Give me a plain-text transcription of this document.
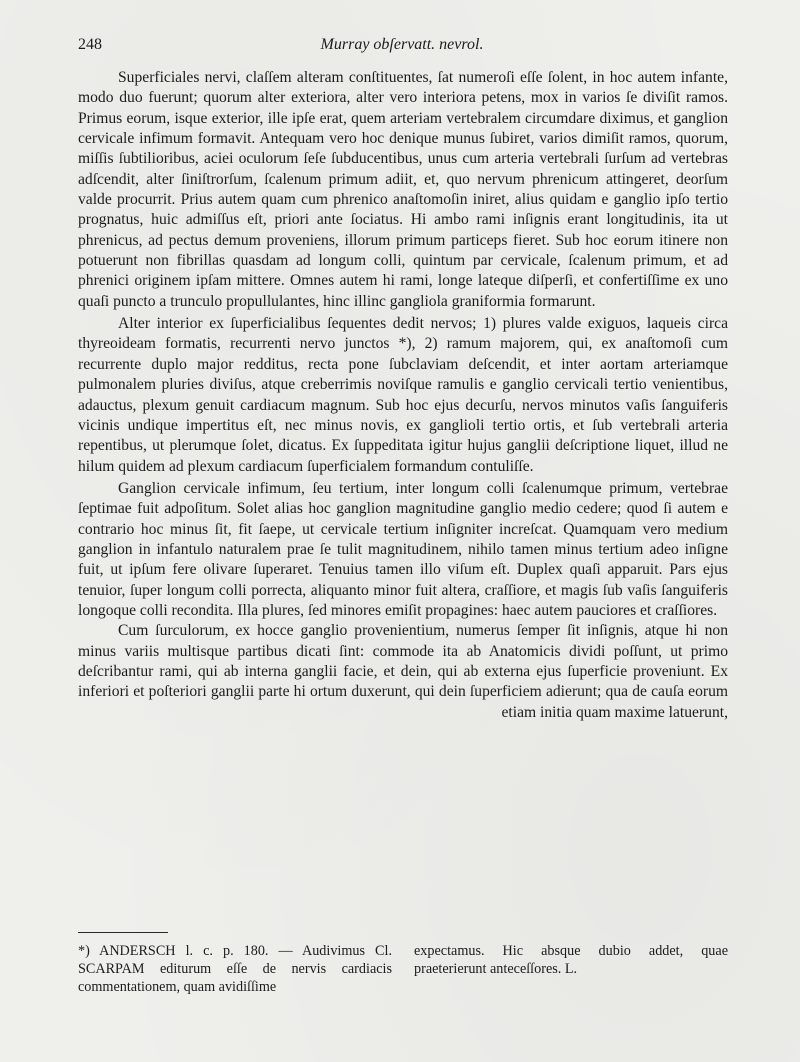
248	Murray obſervatt. nevrol.

Superficiales nervi, claſſem alteram conſtituentes, ſat numeroſi eſſe ſolent, in hoc autem infante, modo duo fuerunt; quorum alter exteriora, alter vero interiora petens, mox in varios ſe diviſit ramos. Primus eorum, isque exterior, ille ipſe erat, quem arteriam vertebralem circumdare diximus, et ganglion cervicale infimum formavit. Antequam vero hoc denique munus ſubiret, varios dimiſit ramos, quorum, miſſis ſubtilioribus, aciei oculorum ſeſe ſubducentibus, unus cum arteria vertebrali ſurſum ad vertebras adſcendit, alter ſiniſtrorſum, ſcalenum primum adiit, et, quo nervum phrenicum attingeret, deorſum valde procurrit. Prius autem quam cum phrenico anaſtomoſin iniret, alius quidam e ganglio ipſo tertio prognatus, huic admiſſus eſt, priori ante ſociatus. Hi ambo rami inſignis erant longitudinis, ita ut phrenicus, ad pectus demum proveniens, illorum primum particeps fieret. Sub hoc eorum itinere non potuerunt non fibrillas quasdam ad longum colli, quintum par cervicale, ſcalenum primum, et ad phrenici originem ipſam mittere. Omnes autem hi rami, longe lateque diſperſi, et confertiſſime ex uno quaſi puncto a trunculo propullulantes, hinc illinc gangliola graniformia formarunt.

Alter interior ex ſuperficialibus ſequentes dedit nervos; 1) plures valde exiguos, laqueis circa thyreoideam formatis, recurrenti nervo junctos *), 2) ramum majorem, qui, ex anaſtomoſi cum recurrente duplo major redditus, recta pone ſubclaviam deſcendit, et inter aortam arteriamque pulmonalem pluries diviſus, atque creberrimis noviſque ramulis e ganglio cervicali tertio venientibus, adauctus, plexum genuit cardiacum magnum. Sub hoc ejus decurſu, nervos minutos vaſis ſanguiferis vicinis undique impertitus eſt, nec minus novis, ex ganglioli tertio ortis, et ſub vertebrali arteria repentibus, ut plerumque ſolet, dicatus. Ex ſuppeditata igitur hujus ganglii deſcriptione liquet, illud ne hilum quidem ad plexum cardiacum ſuperficialem formandum contuliſſe.

Ganglion cervicale infimum, ſeu tertium, inter longum colli ſcalenumque primum, vertebrae ſeptimae fuit adpoſitum. Solet alias hoc ganglion magnitudine ganglio medio cedere; quod ſi autem e contrario hoc minus ſit, fit ſaepe, ut cervicale tertium inſigniter increſcat. Quamquam vero medium ganglion in infantulo naturalem prae ſe tulit magnitudinem, nihilo tamen minus tertium adeo inſigne fuit, ut ipſum fere olivare ſuperaret. Tenuius tamen illo viſum eſt. Duplex quaſi apparuit. Pars ejus tenuior, ſuper longum colli porrecta, aliquanto minor fuit altera, craſſiore, et magis ſub vaſis ſanguiferis longoque colli recondita. Illa plures, ſed minores emiſit propagines: haec autem pauciores et craſſiores.

Cum ſurculorum, ex hocce ganglio provenientium, numerus ſemper ſit inſignis, atque hi non minus variis multisque partibus dicati ſint: commode ita ab Anatomicis dividi poſſunt, ut primo deſcribantur rami, qui ab interna ganglii facie, et dein, qui ab externa ejus ſuperficie proveniunt. Ex inferiori et poſteriori ganglii parte hi ortum duxerunt, qui dein ſuperficiem adierunt; qua de cauſa eorum etiam initia quam maxime latuerunt,

*) ANDERSCH l. c. p. 180. — Audivimus Cl. SCARPAM editurum eſſe de nervis cardiacis commentationem, quam avidiſſime
expectamus. Hic absque dubio addet, quae praeterierunt anteceſſores. L.
